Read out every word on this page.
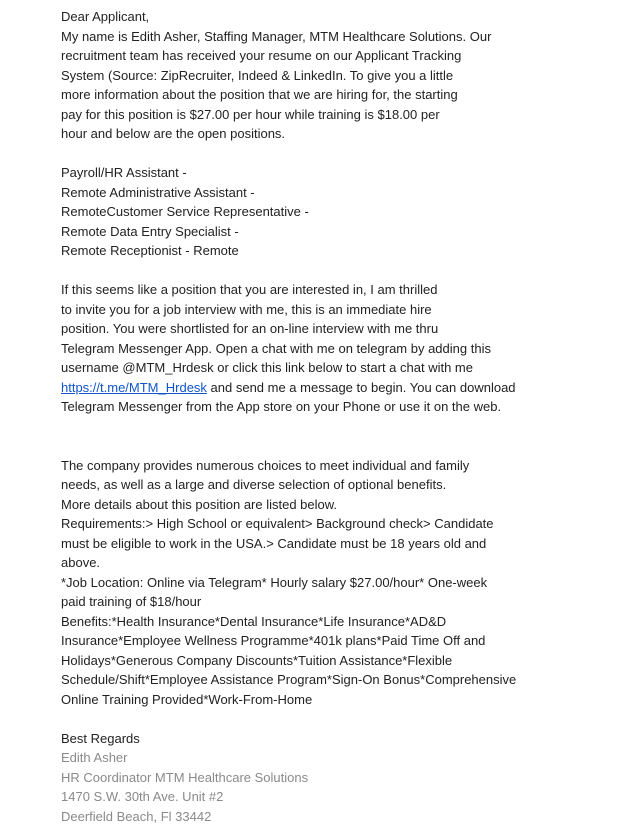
Dear Applicant,
My name is Edith Asher, Staffing Manager, MTM Healthcare Solutions. Our
recruitment team has received your resume on our Applicant Tracking
System (Source: ZipRecruiter, Indeed & LinkedIn. To give you a little
more information about the position that we are hiring for, the starting
pay for this position is $27.00 per hour while training is $18.00 per
hour and below are the open positions.
Payroll/HR Assistant -
Remote Administrative Assistant -
RemoteCustomer Service Representative -
Remote Data Entry Specialist -
Remote Receptionist - Remote
If this seems like a position that you are interested in, I am thrilled
to invite you for a job interview with me, this is an immediate hire
position. You were shortlisted for an on-line interview with me thru
Telegram Messenger App. Open a chat with me on telegram by adding this
username @MTM_Hrdesk or click this link below to start a chat with me
https://t.me/MTM_Hrdesk and send me a message to begin. You can download
Telegram Messenger from the App store on your Phone or use it on the web.
The company provides numerous choices to meet individual and family
needs, as well as a large and diverse selection of optional benefits.
More details about this position are listed below.
Requirements:> High School or equivalent> Background check> Candidate
must be eligible to work in the USA.> Candidate must be 18 years old and
above.
*Job Location: Online via Telegram* Hourly salary $27.00/hour* One-week
paid training of $18/hour
Benefits:*Health Insurance*Dental Insurance*Life Insurance*AD&D
Insurance*Employee Wellness Programme*401k plans*Paid Time Off and
Holidays*Generous Company Discounts*Tuition Assistance*Flexible
Schedule/Shift*Employee Assistance Program*Sign-On Bonus*Comprehensive
Online Training Provided*Work-From-Home
Best Regards
Edith Asher
HR Coordinator MTM Healthcare Solutions
1470 S.W. 30th Ave. Unit #2
Deerfield Beach, Fl 33442
